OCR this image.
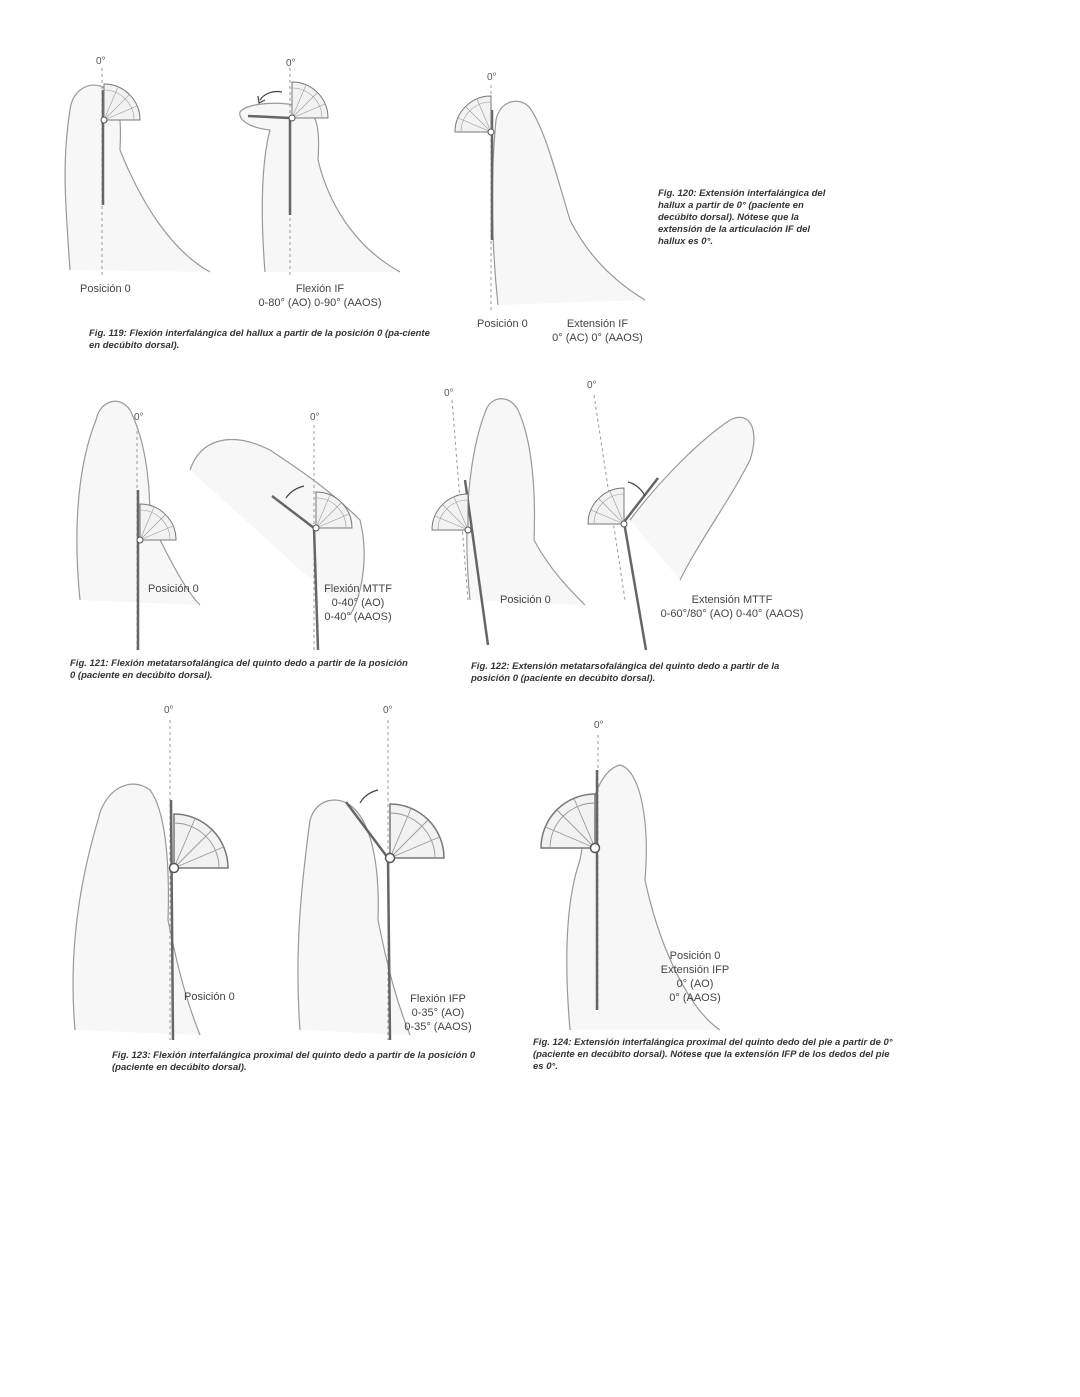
0°	0°
0°
0°	0°
0°
0°
0°	0°
0°
Posición 0	Flexión IF
0-80° (AO) 0-90° (AAOS)
Fig. 119: Flexión interfalángica del hallux a partir de la posición 0 (pa-ciente en decúbito dorsal).
Posición 0	Extensión IF
0° (AC) 0° (AAOS)
Fig. 120: Extensión interfalángica del hallux a partir de 0° (paciente en decúbito dorsal). Nótese que la extensión de la articulación IF del hallux es 0°.
Posición 0	Flexión MTTF
0-40° (AO)
0-40° (AAOS)
Fig. 121: Flexión metatarsofalángica del quinto dedo a partir de la posición 0 (paciente en decúbito dorsal).
Posición 0	Extensión MTTF
0-60°/80° (AO) 0-40° (AAOS)
Fig. 122: Extensión metatarsofalángica del quinto dedo a partir de la posición 0 (paciente en decúbito dorsal).
Posición 0	Flexión IFP
0-35° (AO)
0-35° (AAOS)
Fig. 123: Flexión interfalángica proximal del quinto dedo a partir de la posición 0 (paciente en decúbito dorsal).
Posición 0
Extensión IFP
0° (AO)
0° (AAOS)
Fig. 124: Extensión interfalángica proximal del quinto dedo del pie a partir de 0° (paciente en decúbito dorsal). Nótese que la extensión IFP de los dedos del pie es 0°.
